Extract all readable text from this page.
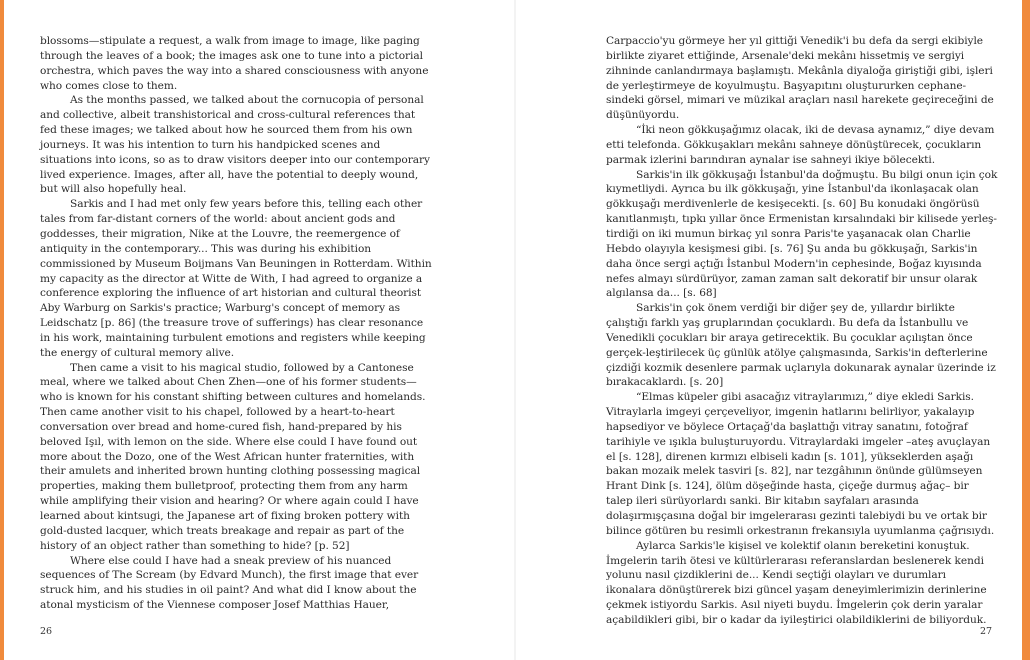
blossoms—stipulate a request, a walk from image to image, like paging through the leaves of a book; the images ask one to tune into a pictorial orchestra, which paves the way into a shared consciousness with anyone who comes close to them.

As the months passed, we talked about the cornucopia of personal and collective, albeit transhistorical and cross-cultural references that fed these images; we talked about how he sourced them from his own journeys. It was his intention to turn his handpicked scenes and situations into icons, so as to draw visitors deeper into our contemporary lived experience. Images, after all, have the potential to deeply wound, but will also hopefully heal.

Sarkis and I had met only few years before this, telling each other tales from far-distant corners of the world: about ancient gods and goddesses, their migration, Nike at the Louvre, the reemergence of antiquity in the contemporary... This was during his exhibition commissioned by Museum Boijmans Van Beuningen in Rotterdam. Within my capacity as the director at Witte de With, I had agreed to organize a conference exploring the influence of art historian and cultural theorist Aby Warburg on Sarkis's practice; Warburg's concept of memory as Leidschatz [p. 86] (the treasure trove of sufferings) has clear resonance in his work, maintaining turbulent emotions and registers while keeping the energy of cultural memory alive.

Then came a visit to his magical studio, followed by a Cantonese meal, where we talked about Chen Zhen—one of his former students—who is known for his constant shifting between cultures and homelands. Then came another visit to his chapel, followed by a heart-to-heart conversation over bread and home-cured fish, hand-prepared by his beloved Işıl, with lemon on the side. Where else could I have found out more about the Dozo, one of the West African hunter fraternities, with their amulets and inherited brown hunting clothing possessing magical properties, making them bulletproof, protecting them from any harm while amplifying their vision and hearing? Or where again could I have learned about kintsugi, the Japanese art of fixing broken pottery with gold-dusted lacquer, which treats breakage and repair as part of the history of an object rather than something to hide? [p. 52]

Where else could I have had a sneak preview of his nuanced sequences of The Scream (by Edvard Munch), the first image that ever struck him, and his studies in oil paint? And what did I know about the atonal mysticism of the Viennese composer Josef Matthias Hauer,

Carpaccio'yu görmeye her yıl gittiği Venedik'i bu defa da sergi ekibiyle birlikte ziyaret ettiğinde, Arsenale'deki mekânı hissetmiş ve sergiyi zihninde canlandırmaya başlamıştı. Mekânla diyaloğa giriştiği gibi, işleri de yerleştirmeye de koyulmuştu. Başyapıtını oluştururken cephane-sindeki görsel, mimari ve müzikal araçları nasıl harekete geçireceğini de düşünüyordu.

“İki neon gökkuşağımız olacak, iki de devasa aynamız,” diye devam etti telefonda. Gökkuşakları mekânı sahneye dönüştürecek, çocukların parmak izlerini barındıran aynalar ise sahneyi ikiye bölecekti.

Sarkis'in ilk gökkuşağı İstanbul'da doğmuştu. Bu bilgi onun için çok kıymetliydi. Ayrıca bu ilk gökkuşağı, yine İstanbul'da ikonlaşacak olan gökkuşağı merdivenlerle de kesişecekti. [s. 60] Bu konudaki öngörüsü kanıtlanmıştı, tıpkı yıllar önce Ermenistan kırsalındaki bir kilisede yerleş-tirdiği on iki mumun birkaç yıl sonra Paris'te yaşanacak olan Charlie Hebdo olayıyla kesişmesi gibi. [s. 76] Şu anda bu gökkuşağı, Sarkis'in daha önce sergi açtığı İstanbul Modern'in cephesinde, Boğaz kıyısında nefes almayı sürdürüyor, zaman zaman salt dekoratif bir unsur olarak algılansa da... [s. 68]

Sarkis'in çok önem verdiği bir diğer şey de, yıllardır birlikte çalıştığı farklı yaş gruplarından çocuklardı. Bu defa da İstanbullu ve Venedikli çocukları bir araya getirecektik. Bu çocuklar açılıştan önce gerçek-leştirilecek üç günlük atölye çalışmasında, Sarkis'in defterlerine çizdiği kozmik desenlere parmak uçlarıyla dokunarak aynalar üzerinde iz bırakacaklardı. [s. 20]

“Elmas küpeler gibi asacağız vitraylarımızı,” diye ekledi Sarkis. Vitraylarla imgeyi çerçeveliyor, imgenin hatlarını belirliyor, yakalayıp hapsediyor ve böylece Ortaçağ'da başlattığı vitray sanatını, fotoğraf tarihiyle ve ışıkla buluşturuyordu. Vitraylardaki imgeler –ateş avuçlayan el [s. 128], direnen kırmızı elbiseli kadın [s. 101], yükseklerden aşağı bakan mozaik melek tasviri [s. 82], nar tezgâhının önünde gülümseyen Hrant Dink [s. 124], ölüm döşeğinde hasta, çiçeğe durmuş ağaç– bir talep ileri sürüyorlardı sanki. Bir kitabın sayfaları arasında dolaşırmışçasına doğal bir imgelerarası gezinti talebiydi bu ve ortak bir bilince götüren bu resimli orkestranın frekansıyla uyumlanma çağrısıydı.

Aylarca Sarkis'le kişisel ve kolektif olanın bereketini konuştuk. İmgelerin tarih ötesi ve kültürlerarası referanslardan beslenerek kendi yolunu nasıl çizdiklerini de... Kendi seçtiği olayları ve durumları ikonalara dönüştürerek bizi güncel yaşam deneyimlerimizin derinlerine çekmek istiyordu Sarkis. Asıl niyeti buydu. İmgelerin çok derin yaralar açabildikleri gibi, bir o kadar da iyileştirici olabildiklerini de biliyorduk.

26	27
